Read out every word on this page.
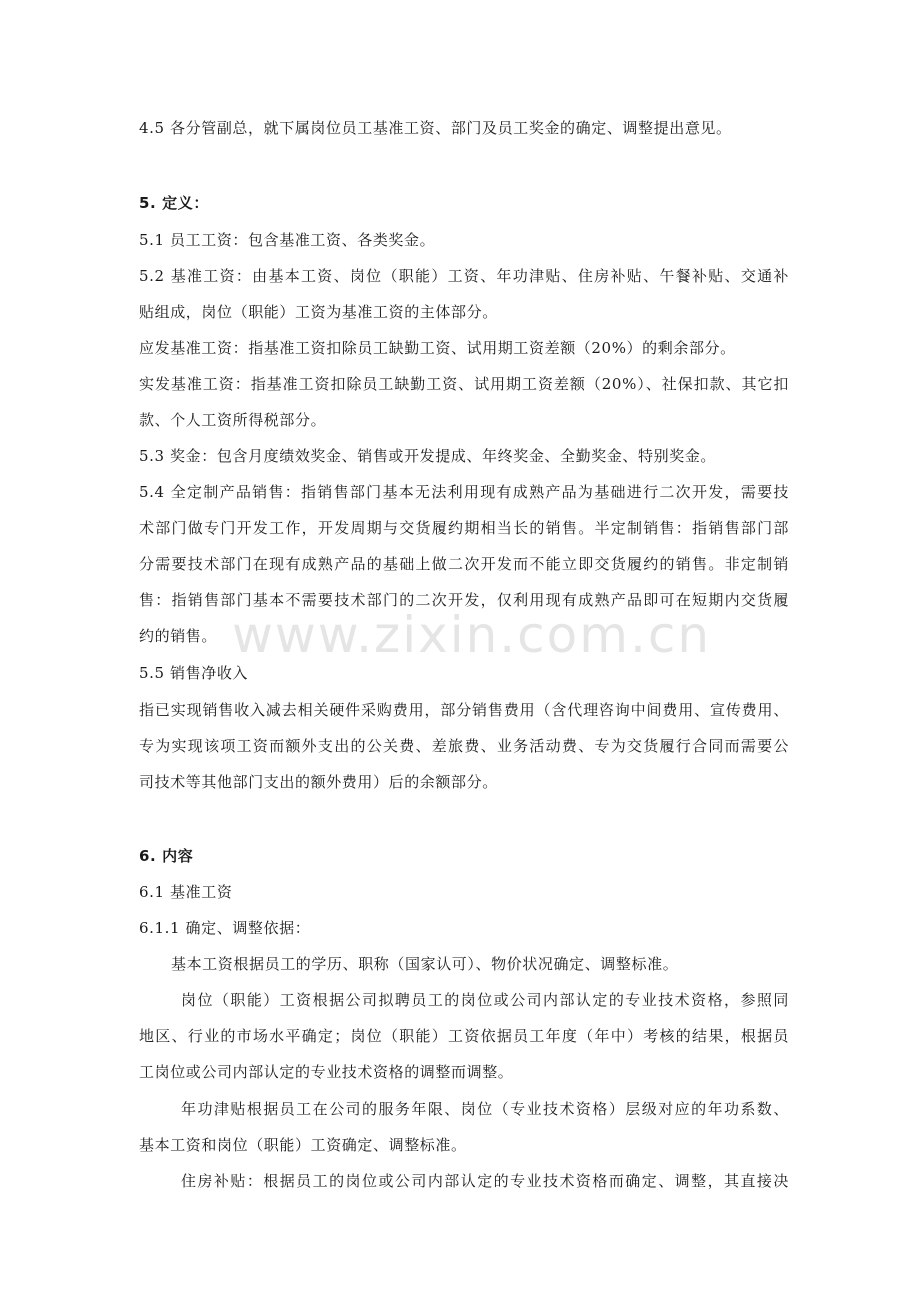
4.5 各分管副总，就下属岗位员工基准工资、部门及员工奖金的确定、调整提出意见。
5. 定义：
5.1 员工工资：包含基准工资、各类奖金。
5.2 基准工资：由基本工资、岗位（职能）工资、年功津贴、住房补贴、午餐补贴、交通补
贴组成，岗位（职能）工资为基准工资的主体部分。
应发基准工资：指基准工资扣除员工缺勤工资、试用期工资差额（20%）的剩余部分。
实发基准工资：指基准工资扣除员工缺勤工资、试用期工资差额（20%）、社保扣款、其它扣
款、个人工资所得税部分。
5.3 奖金：包含月度绩效奖金、销售或开发提成、年终奖金、全勤奖金、特别奖金。
5.4 全定制产品销售：指销售部门基本无法利用现有成熟产品为基础进行二次开发，需要技
术部门做专门开发工作，开发周期与交货履约期相当长的销售。半定制销售：指销售部门部
分需要技术部门在现有成熟产品的基础上做二次开发而不能立即交货履约的销售。非定制销
售：指销售部门基本不需要技术部门的二次开发，仅利用现有成熟产品即可在短期内交货履
约的销售。
5.5 销售净收入
指已实现销售收入减去相关硬件采购费用，部分销售费用（含代理咨询中间费用、宣传费用、
专为实现该项工资而额外支出的公关费、差旅费、业务活动费、专为交货履行合同而需要公
司技术等其他部门支出的额外费用）后的余额部分。
6. 内容
6.1 基准工资
6.1.1 确定、调整依据：
基本工资根据员工的学历、职称（国家认可）、物价状况确定、调整标准。
岗位（职能）工资根据公司拟聘员工的岗位或公司内部认定的专业技术资格，参照同
地区、行业的市场水平确定；岗位（职能）工资依据员工年度（年中）考核的结果，根据员
工岗位或公司内部认定的专业技术资格的调整而调整。
年功津贴根据员工在公司的服务年限、岗位（专业技术资格）层级对应的年功系数、
基本工资和岗位（职能）工资确定、调整标准。
住房补贴：根据员工的岗位或公司内部认定的专业技术资格而确定、调整，其直接决
www.zixin.com.cn
